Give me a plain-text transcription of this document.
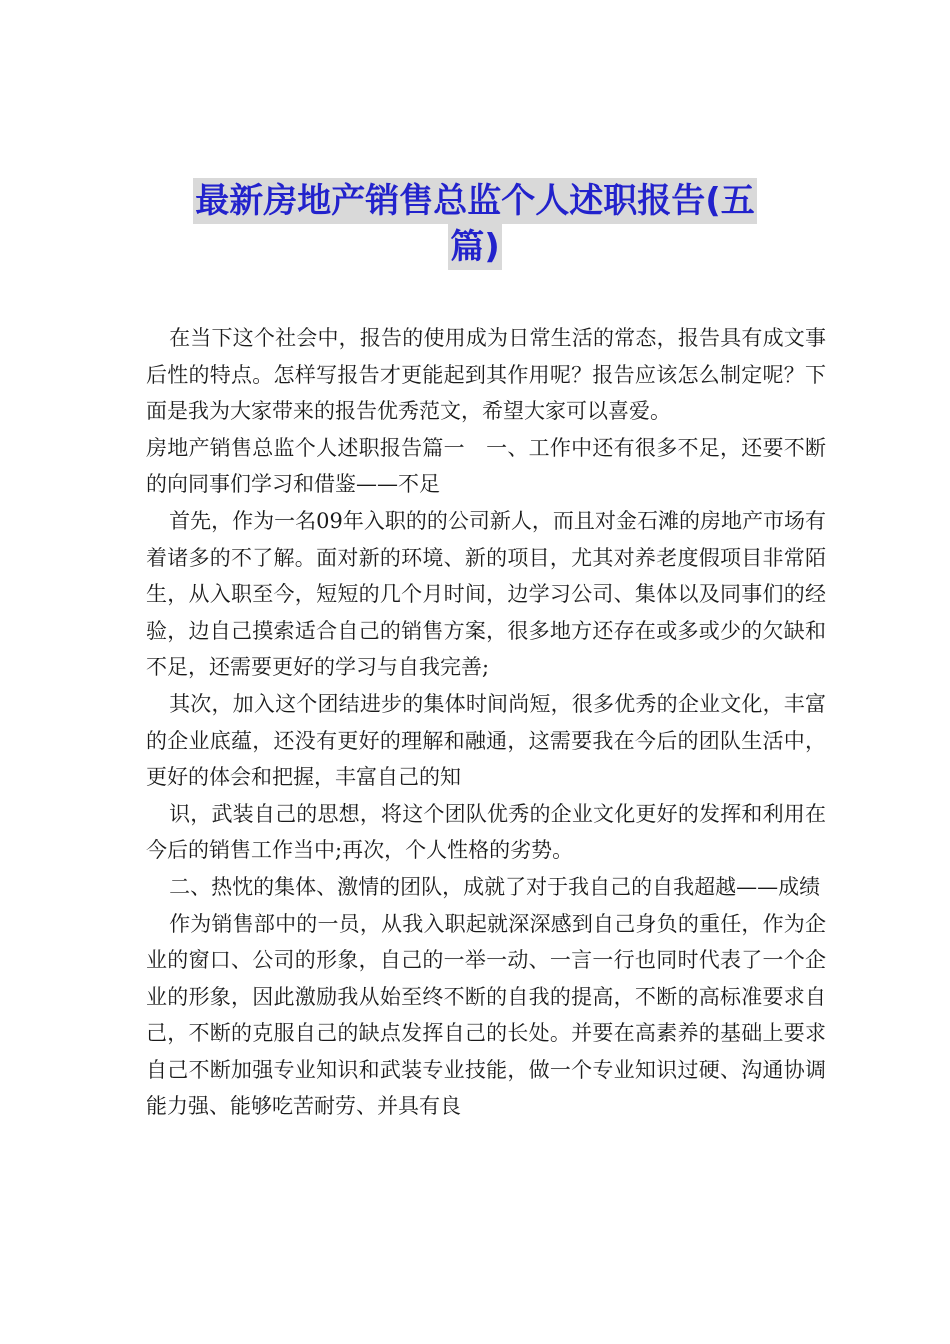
最新房地产销售总监个人述职报告(五
篇)

在当下这个社会中，报告的使用成为日常生活的常态，报告具有成文事后性的特点。怎样写报告才更能起到其作用呢？报告应该怎么制定呢？下面是我为大家带来的报告优秀范文，希望大家可以喜爱。

房地产销售总监个人述职报告篇一　一、工作中还有很多不足，还要不断的向同事们学习和借鉴——不足

首先，作为一名09年入职的的公司新人，而且对金石滩的房地产市场有着诸多的不了解。面对新的环境、新的项目，尤其对养老度假项目非常陌生，从入职至今，短短的几个月时间，边学习公司、集体以及同事们的经验，边自己摸索适合自己的销售方案，很多地方还存在或多或少的欠缺和不足，还需要更好的学习与自我完善;

其次，加入这个团结进步的集体时间尚短，很多优秀的企业文化，丰富的企业底蕴，还没有更好的理解和融通，这需要我在今后的团队生活中，更好的体会和把握，丰富自己的知

识，武装自己的思想，将这个团队优秀的企业文化更好的发挥和利用在今后的销售工作当中;再次，个人性格的劣势。

二、热忱的集体、激情的团队，成就了对于我自己的自我超越——成绩

作为销售部中的一员，从我入职起就深深感到自己身负的重任，作为企业的窗口、公司的形象，自己的一举一动、一言一行也同时代表了一个企业的形象，因此激励我从始至终不断的自我的提高，不断的高标准要求自己，不断的克服自己的缺点发挥自己的长处。并要在高素养的基础上要求自己不断加强专业知识和武装专业技能，做一个专业知识过硬、沟通协调能力强、能够吃苦耐劳、并具有良
